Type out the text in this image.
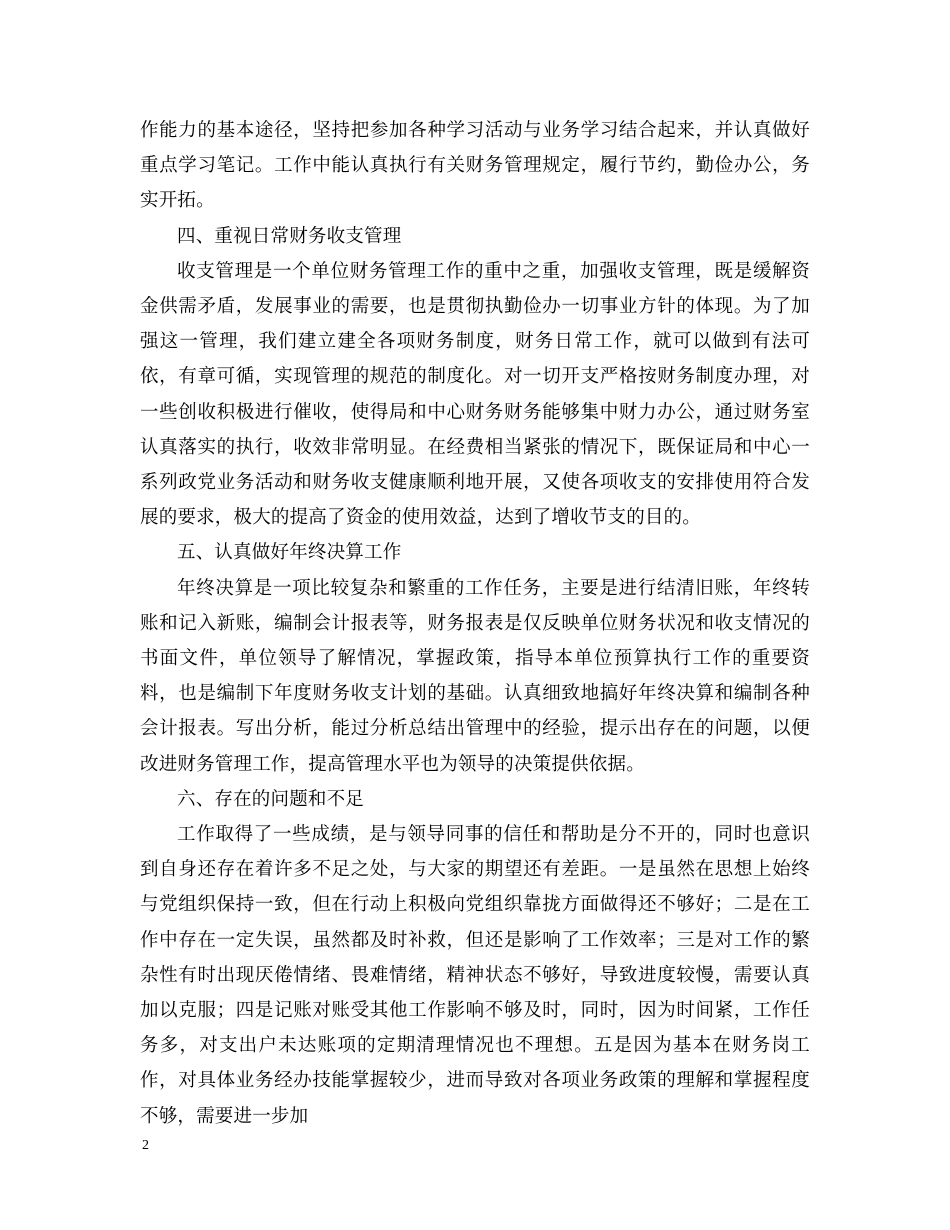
作能力的基本途径，坚持把参加各种学习活动与业务学习结合起来，并认真做好重点学习笔记。工作中能认真执行有关财务管理规定，履行节约，勤俭办公，务实开拓。

四、重视日常财务收支管理

收支管理是一个单位财务管理工作的重中之重，加强收支管理，既是缓解资金供需矛盾，发展事业的需要，也是贯彻执勤俭办一切事业方针的体现。为了加强这一管理，我们建立建全各项财务制度，财务日常工作，就可以做到有法可依，有章可循，实现管理的规范的制度化。对一切开支严格按财务制度办理，对一些创收积极进行催收，使得局和中心财务财务能够集中财力办公，通过财务室认真落实的执行，收效非常明显。在经费相当紧张的情况下，既保证局和中心一系列政党业务活动和财务收支健康顺利地开展，又使各项收支的安排使用符合发展的要求，极大的提高了资金的使用效益，达到了增收节支的目的。

五、认真做好年终决算工作

年终决算是一项比较复杂和繁重的工作任务，主要是进行结清旧账，年终转账和记入新账，编制会计报表等，财务报表是仅反映单位财务状况和收支情况的书面文件，单位领导了解情况，掌握政策，指导本单位预算执行工作的重要资料，也是编制下年度财务收支计划的基础。认真细致地搞好年终决算和编制各种会计报表。写出分析，能过分析总结出管理中的经验，提示出存在的问题，以便改进财务管理工作，提高管理水平也为领导的决策提供依据。

六、存在的问题和不足

工作取得了一些成绩，是与领导同事的信任和帮助是分不开的，同时也意识到自身还存在着许多不足之处，与大家的期望还有差距。一是虽然在思想上始终与党组织保持一致，但在行动上积极向党组织靠拢方面做得还不够好；二是在工作中存在一定失误，虽然都及时补救，但还是影响了工作效率；三是对工作的繁杂性有时出现厌倦情绪、畏难情绪，精神状态不够好，导致进度较慢，需要认真加以克服；四是记账对账受其他工作影响不够及时，同时，因为时间紧，工作任务多，对支出户未达账项的定期清理情况也不理想。五是因为基本在财务岗工作，对具体业务经办技能掌握较少，进而导致对各项业务政策的理解和掌握程度不够，需要进一步加

2
